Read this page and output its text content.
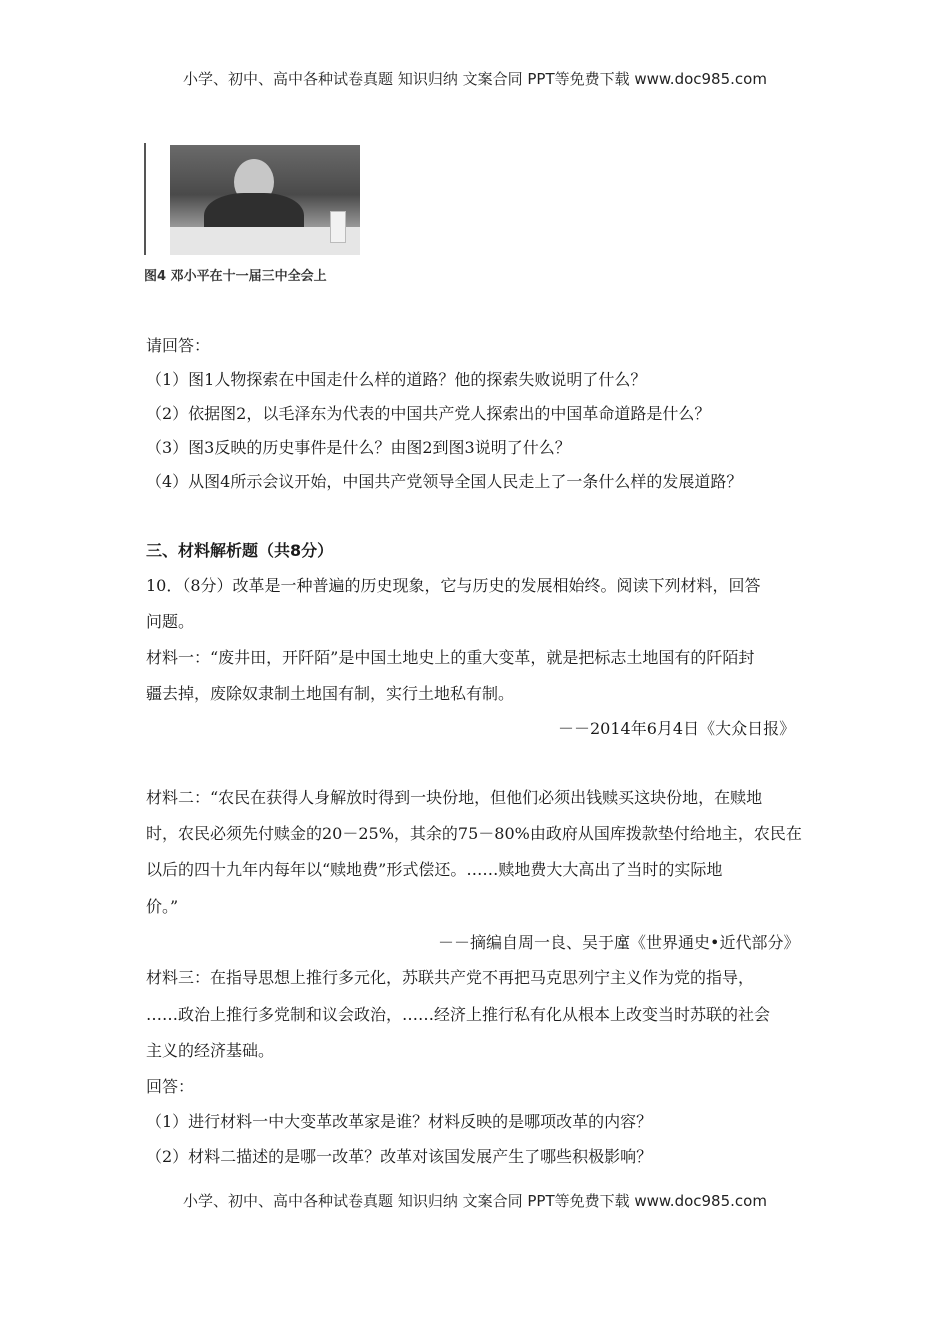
小学、初中、高中各种试卷真题 知识归纳 文案合同 PPT等免费下载 www.doc985.com
图4 邓小平在十一届三中全会上
请回答：
（1）图1人物探索在中国走什么样的道路？他的探索失败说明了什么？
（2）依据图2，以毛泽东为代表的中国共产党人探索出的中国革命道路是什么？
（3）图3反映的历史事件是什么？由图2到图3说明了什么？
（4）从图4所示会议开始，中国共产党领导全国人民走上了一条什么样的发展道路？
三、材料解析题（共8分）
10．（8分）改革是一种普遍的历史现象，它与历史的发展相始终。阅读下列材料，回答
问题。
材料一：“废井田，开阡陌”是中国土地史上的重大变革，就是把标志土地国有的阡陌封
疆去掉，废除奴隶制土地国有制，实行土地私有制。
－－2014年6月4日《大众日报》
材料二：“农民在获得人身解放时得到一块份地，但他们必须出钱赎买这块份地，在赎地
时，农民必须先付赎金的20－25%，其余的75－80%由政府从国库拨款垫付给地主，农民在
以后的四十九年内每年以“赎地费”形式偿还。……赎地费大大高出了当时的实际地
价。”
－－摘编自周一良、吴于廑《世界通史•近代部分》
材料三：在指导思想上推行多元化，苏联共产党不再把马克思列宁主义作为党的指导，
……政治上推行多党制和议会政治，……经济上推行私有化从根本上改变当时苏联的社会
主义的经济基础。
回答：
（1）进行材料一中大变革改革家是谁？材料反映的是哪项改革的内容？
（2）材料二描述的是哪一改革？改革对该国发展产生了哪些积极影响？
小学、初中、高中各种试卷真题 知识归纳 文案合同 PPT等免费下载 www.doc985.com
